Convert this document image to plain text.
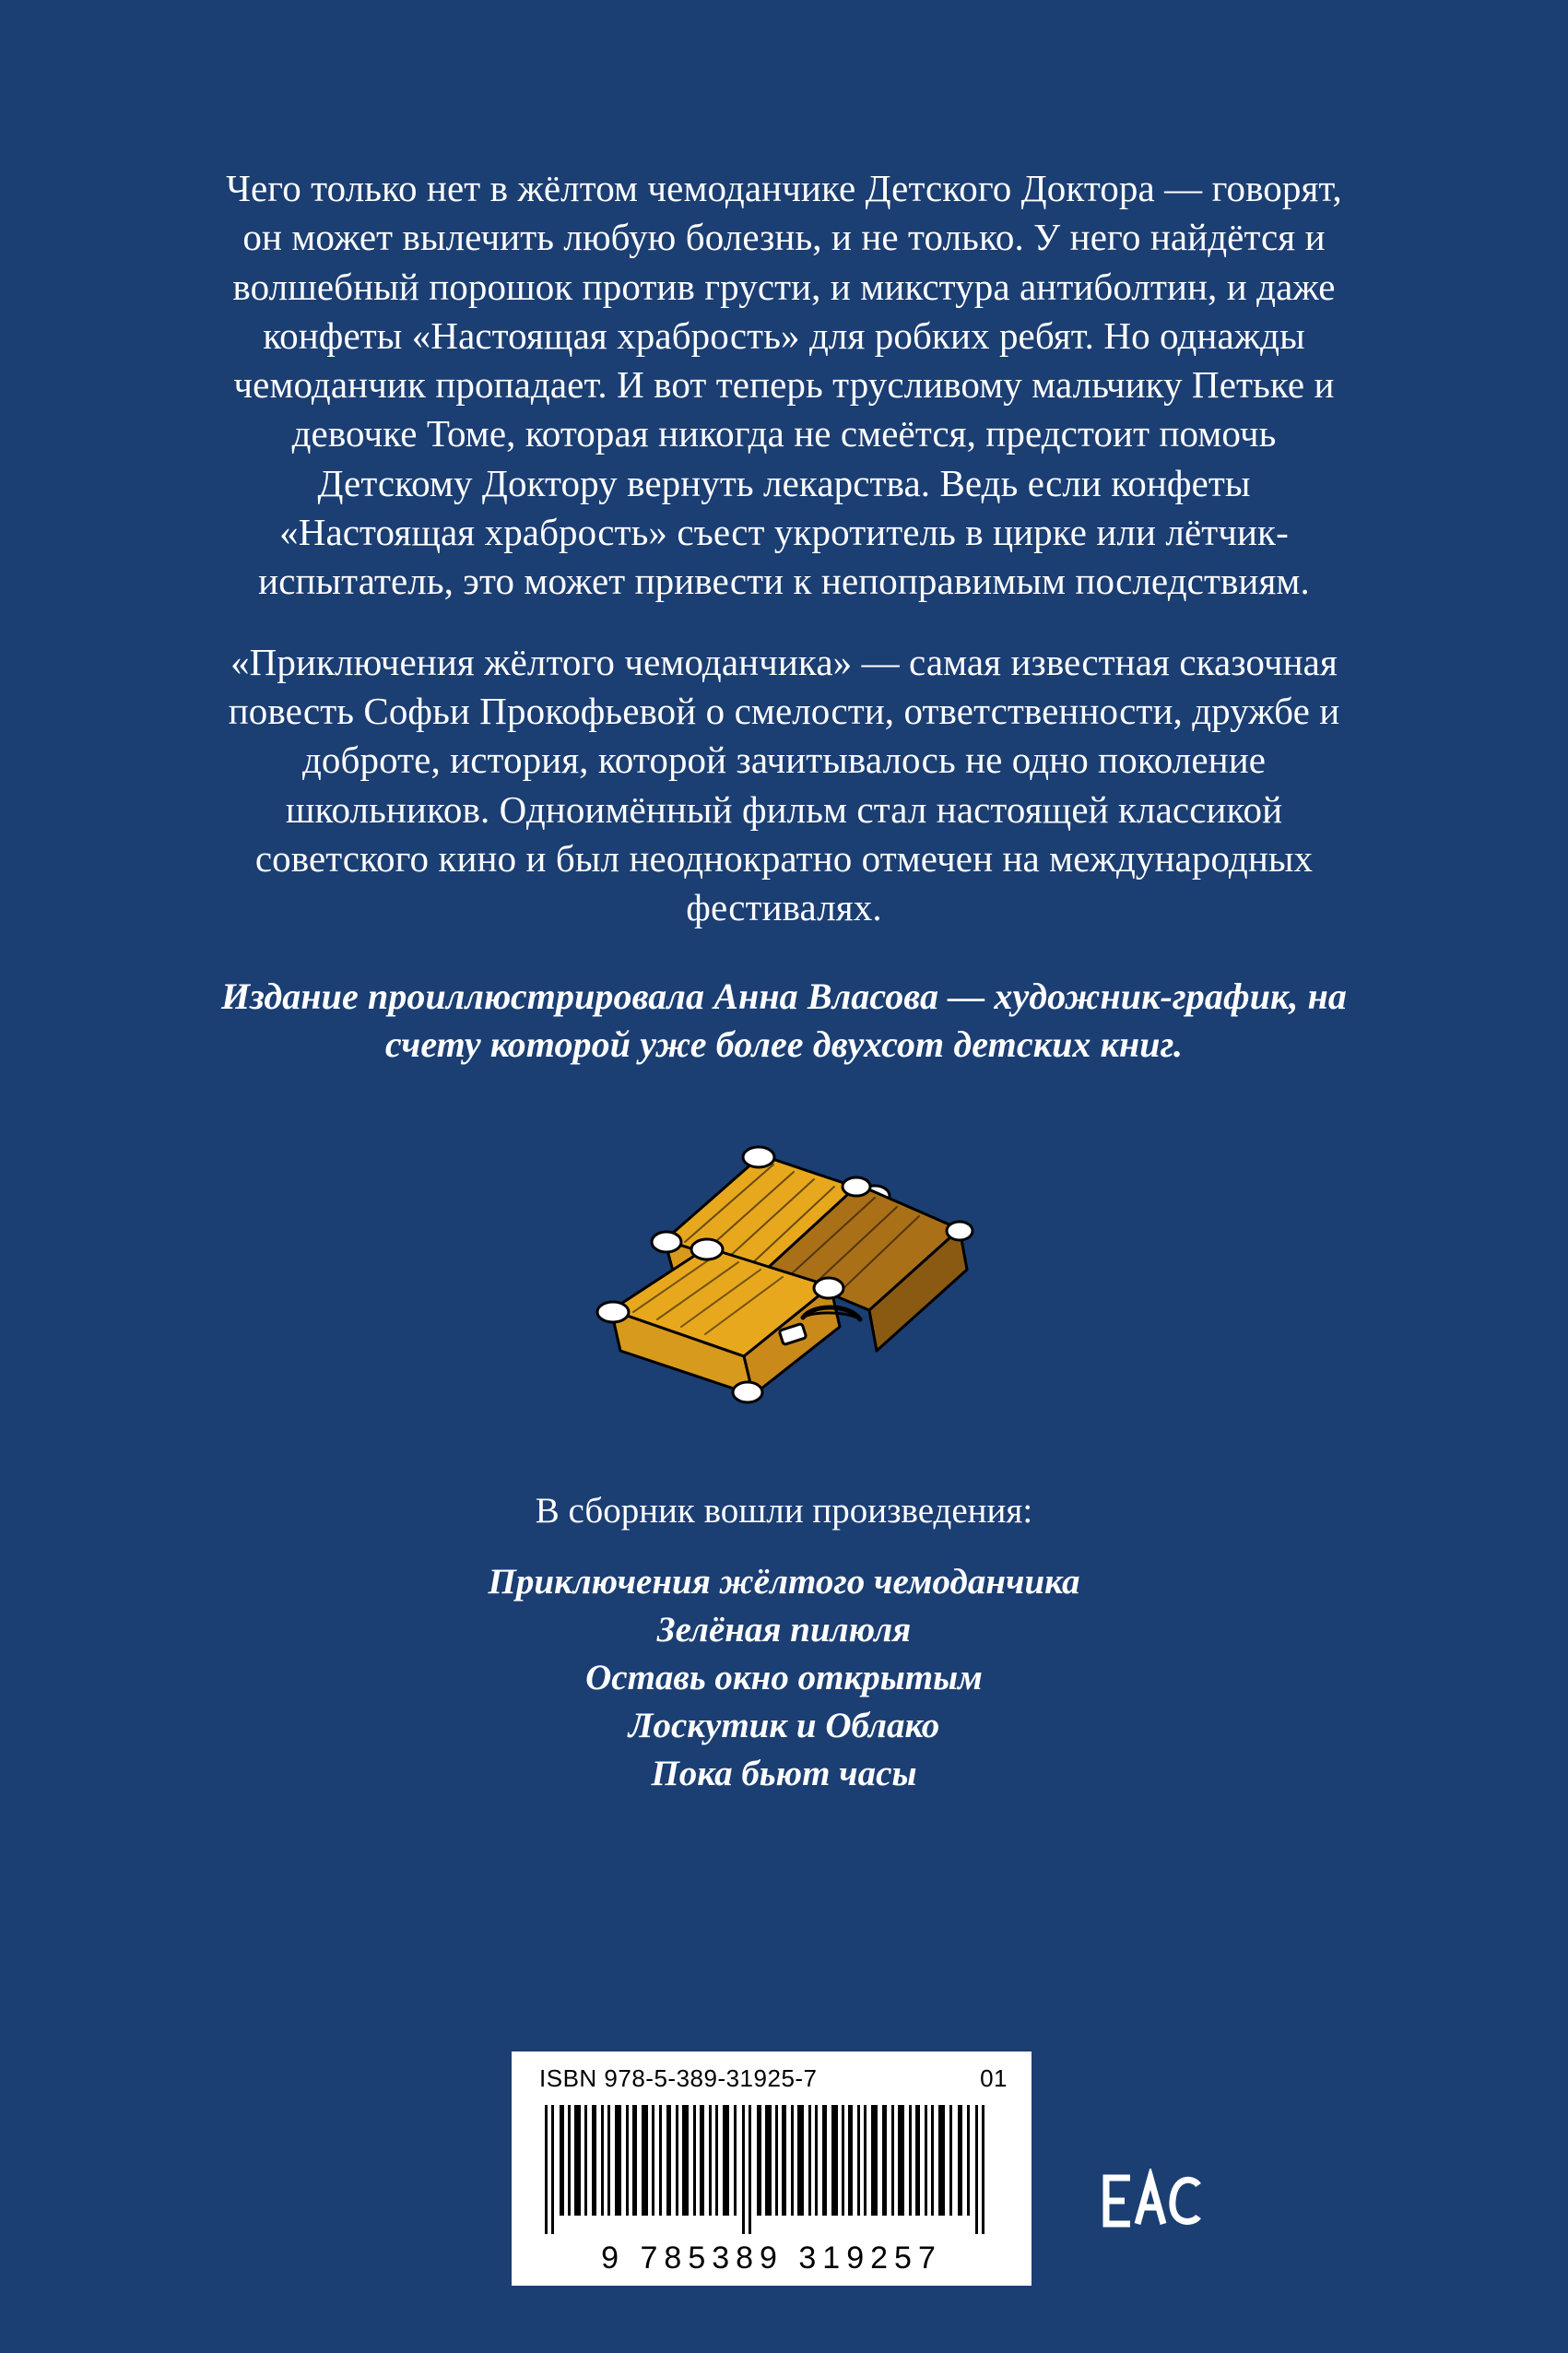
Чего только нет в жёлтом чемоданчике Детского Доктора — говорят, он может вылечить любую болезнь, и не только. У него найдётся и волшебный порошок против грусти, и микстура антиболтин, и даже конфеты «Настоящая храбрость» для робких ребят. Но однажды чемоданчик пропадает. И вот теперь трусливому мальчику Петьке и девочке Томе, которая никогда не смеётся, предстоит помочь Детскому Доктору вернуть лекарства. Ведь если конфеты «Настоящая храбрость» съест укротитель в цирке или лётчик-испытатель, это может привести к непоправимым последствиям.

«Приключения жёлтого чемоданчика» — самая известная сказочная повесть Софьи Прокофьевой о смелости, ответственности, дружбе и доброте, история, которой зачитывалось не одно поколение школьников. Одноимённый фильм стал настоящей классикой советского кино и был неоднократно отмечен на международных фестивалях.

Издание проиллюстрировала Анна Власова — художник-график, на счету которой уже более двухсот детских книг.

В сборник вошли произведения:
Приключения жёлтого чемоданчика
Зелёная пилюля
Оставь окно открытым
Лоскутик и Облако
Пока бьют часы
ISBN 978-5-389-31925-7	01
9 785389 319257
